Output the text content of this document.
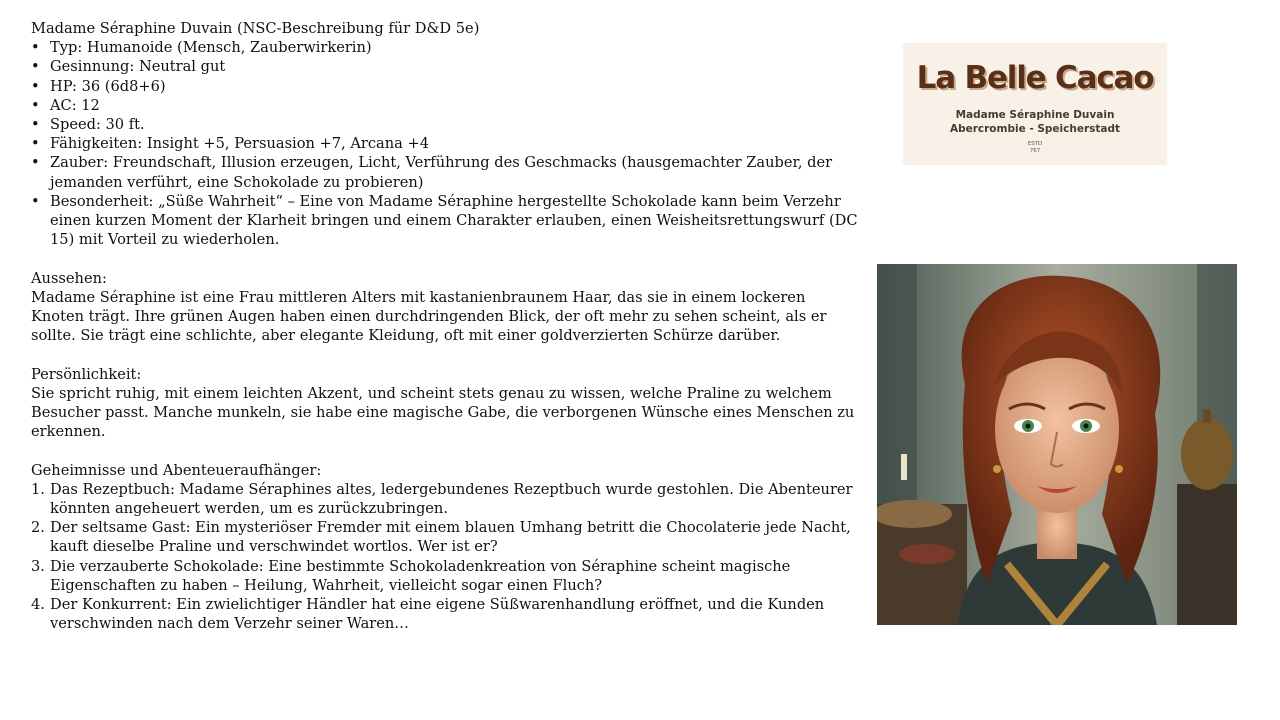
Madame Séraphine Duvain (NSC-Beschreibung für D&D 5e)

• Typ: Humanoide (Mensch, Zauberwirkerin)
• Gesinnung: Neutral gut
• HP: 36 (6d8+6)
• AC: 12
• Speed: 30 ft.
• Fähigkeiten: Insight +5, Persuasion +7, Arcana +4
• Zauber: Freundschaft, Illusion erzeugen, Licht, Verführung des Geschmacks (hausgemachter Zauber, der jemanden verführt, eine Schokolade zu probieren)
• Besonderheit: „Süße Wahrheit“ – Eine von Madame Séraphine hergestellte Schokolade kann beim Verzehr einen kurzen Moment der Klarheit bringen und einem Charakter erlauben, einen Weisheitsrettungswurf (DC 15) mit Vorteil zu wiederholen.

Aussehen:

Madame Séraphine ist eine Frau mittleren Alters mit kastanienbraunem Haar, das sie in einem lockeren Knoten trägt. Ihre grünen Augen haben einen durchdringenden Blick, der oft mehr zu sehen scheint, als er sollte. Sie trägt eine schlichte, aber elegante Kleidung, oft mit einer goldverzierten Schürze darüber.

Persönlichkeit:

Sie spricht ruhig, mit einem leichten Akzent, und scheint stets genau zu wissen, welche Praline zu welchem Besucher passt. Manche munkeln, sie habe eine magische Gabe, die verborgenen Wünsche eines Menschen zu erkennen.

Geheimnisse und Abenteueraufhänger:

1. Das Rezeptbuch: Madame Séraphines altes, ledergebundenes Rezeptbuch wurde gestohlen. Die Abenteurer könnten angeheuert werden, um es zurückzubringen.
2. Der seltsame Gast: Ein mysteriöser Fremder mit einem blauen Umhang betritt die Chocolaterie jede Nacht, kauft dieselbe Praline und verschwindet wortlos. Wer ist er?
3. Die verzauberte Schokolade: Eine bestimmte Schokoladenkreation von Séraphine scheint magische Eigenschaften zu haben – Heilung, Wahrheit, vielleicht sogar einen Fluch?
4. Der Konkurrent: Ein zwielichtiger Händler hat eine eigene Süßwarenhandlung eröffnet, und die Kunden verschwinden nach dem Verzehr seiner Waren…
La Belle Cacao
Madame Séraphine Duvain
Abercrombie - Speicherstadt
ESTD
767
